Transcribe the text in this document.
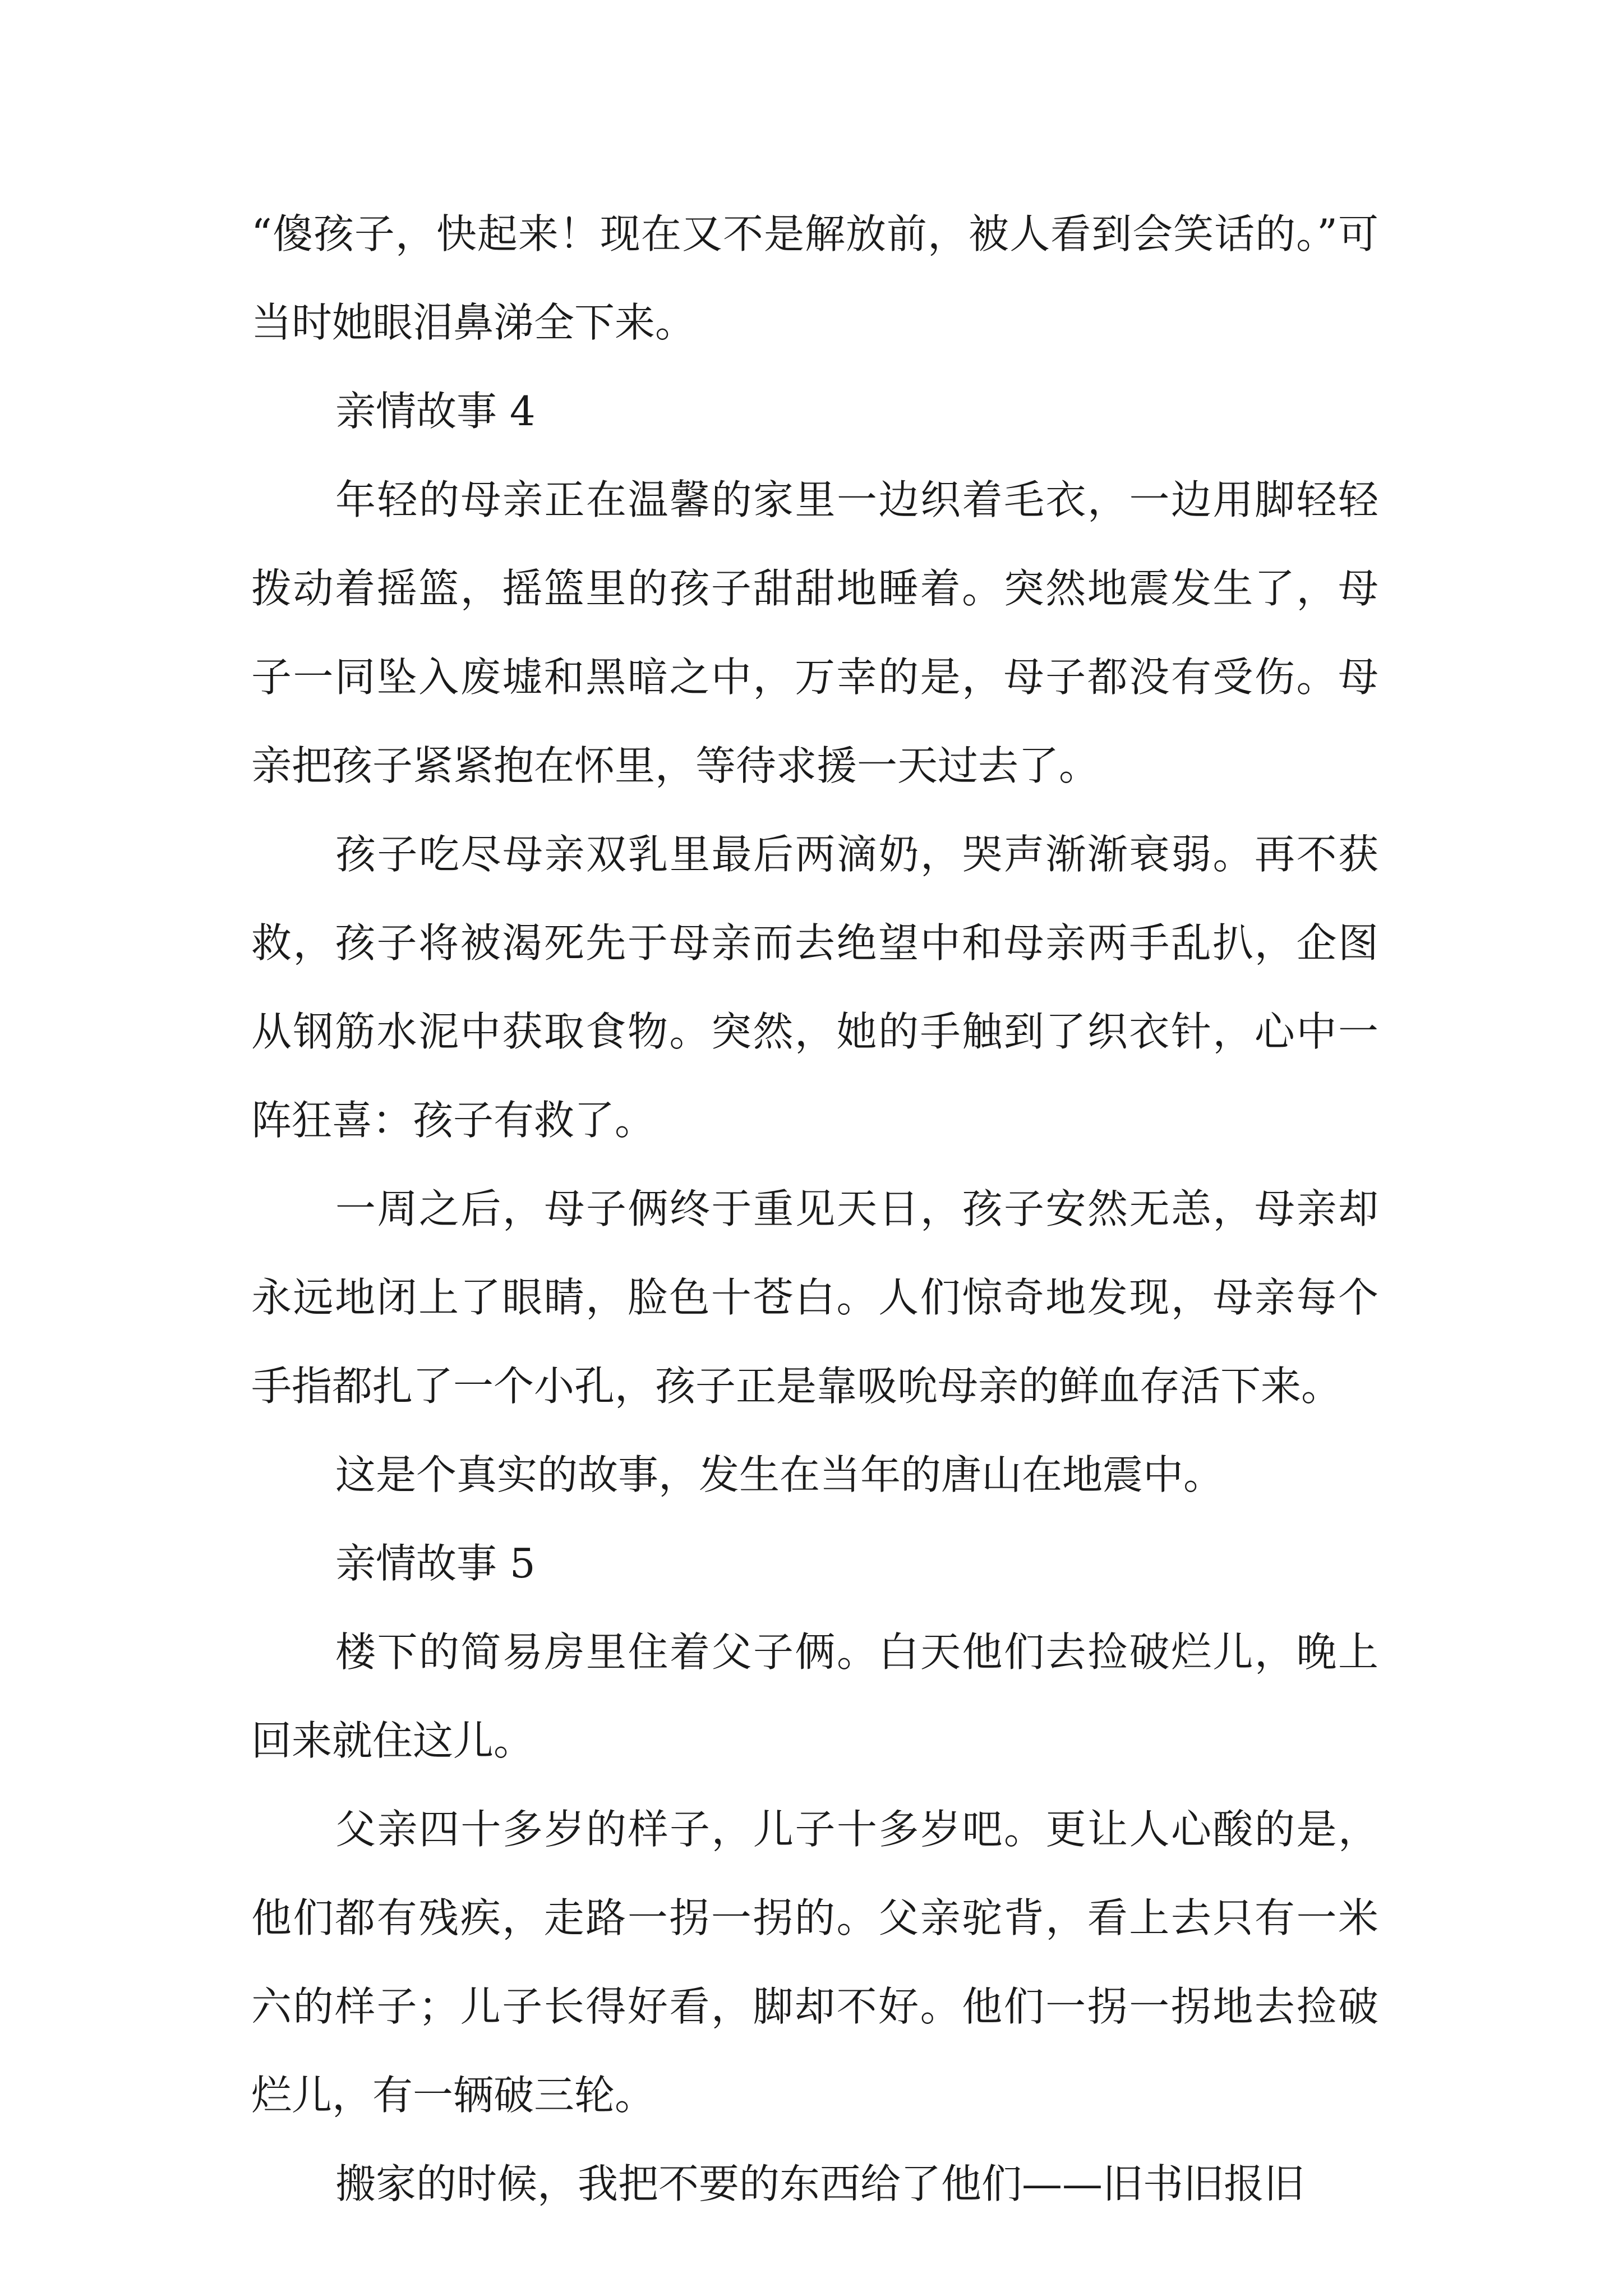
“傻孩子，快起来！现在又不是解放前，被人看到会笑话的。”可当时她眼泪鼻涕全下来。

亲情故事 4

年轻的母亲正在温馨的家里一边织着毛衣，一边用脚轻轻拨动着摇篮，摇篮里的孩子甜甜地睡着。突然地震发生了，母子一同坠入废墟和黑暗之中，万幸的是，母子都没有受伤。母亲把孩子紧紧抱在怀里，等待求援一天过去了。

孩子吃尽母亲双乳里最后两滴奶，哭声渐渐衰弱。再不获救，孩子将被渴死先于母亲而去绝望中和母亲两手乱扒，企图从钢筋水泥中获取食物。突然，她的手触到了织衣针，心中一阵狂喜：孩子有救了。

一周之后，母子俩终于重见天日，孩子安然无恙，母亲却永远地闭上了眼睛，脸色十苍白。人们惊奇地发现，母亲每个手指都扎了一个小孔，孩子正是靠吸吮母亲的鲜血存活下来。

这是个真实的故事，发生在当年的唐山在地震中。

亲情故事 5

楼下的简易房里住着父子俩。白天他们去捡破烂儿，晚上回来就住这儿。

父亲四十多岁的样子，儿子十多岁吧。更让人心酸的是，他们都有残疾，走路一拐一拐的。父亲驼背，看上去只有一米六的样子；儿子长得好看，脚却不好。他们一拐一拐地去捡破烂儿，有一辆破三轮。

搬家的时候，我把不要的东西给了他们——旧书旧报旧
